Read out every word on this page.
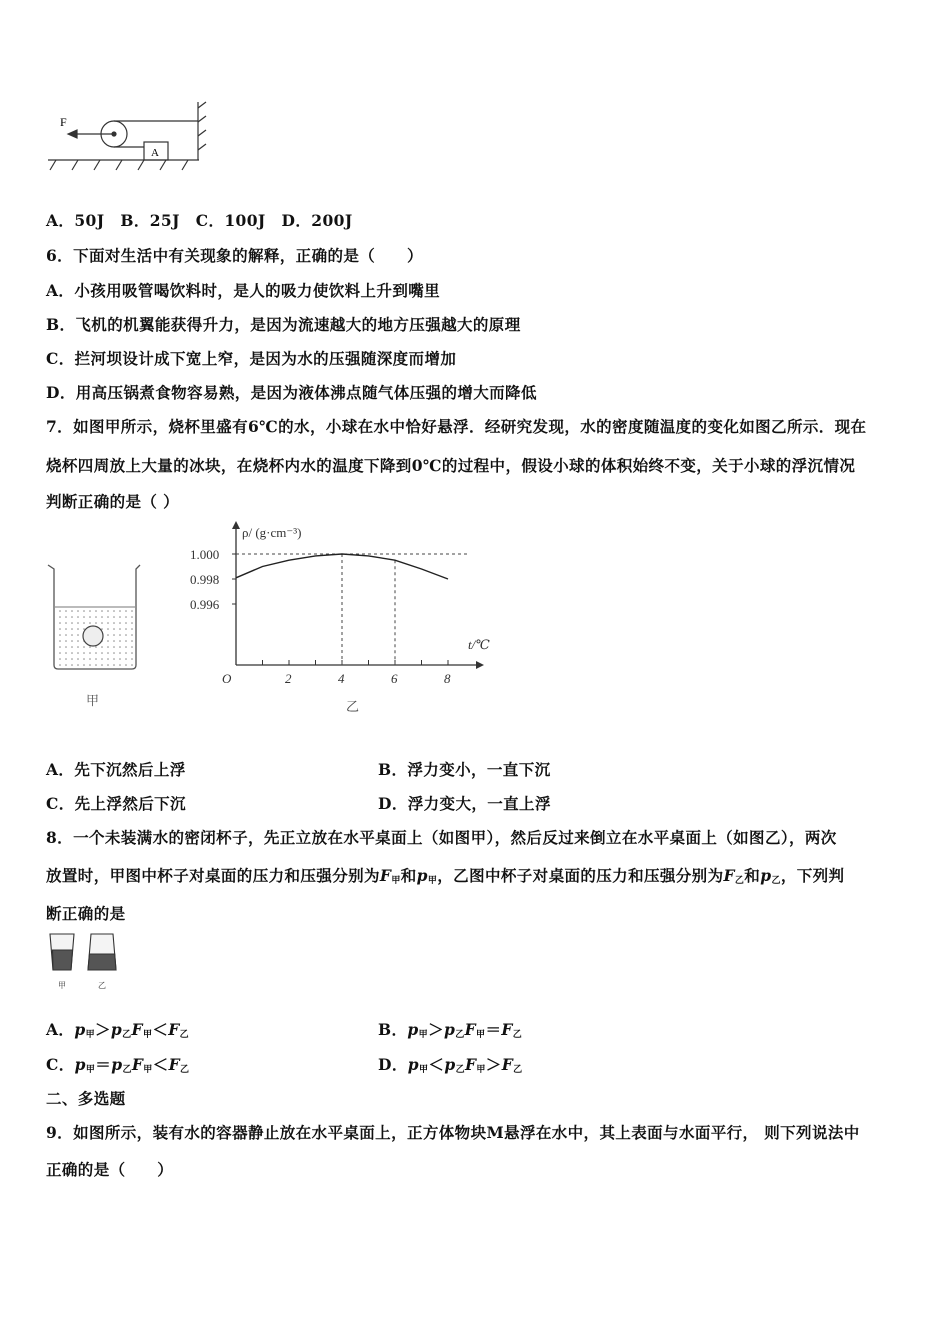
F
A
A．50J　B．25J　C．100J　D．200J
6．下面对生活中有关现象的解释，正确的是（　　）
A．小孩用吸管喝饮料时，是人的吸力使饮料上升到嘴里
B．飞机的机翼能获得升力，是因为流速越大的地方压强越大的原理
C．拦河坝设计成下宽上窄，是因为水的压强随深度而增加
D．用高压锅煮食物容易熟，是因为液体沸点随气体压强的增大而降低
7．如图甲所示，烧杯里盛有6℃的水，小球在水中恰好悬浮．经研究发现，水的密度随温度的变化如图乙所示．现在
烧杯四周放上大量的冰块，在烧杯内水的温度下降到0℃的过程中，假设小球的体积始终不变，关于小球的浮沉情况
判断正确的是（ ）
甲
1.000
0.998
0.996
2	4	6	8
O
ρ/ (g·cm⁻³)
t/℃
乙
A．先下沉然后上浮	B．浮力变小，一直下沉
C．先上浮然后下沉	D．浮力变大，一直上浮
8．一个未装满水的密闭杯子，先正立放在水平桌面上（如图甲），然后反过来倒立在水平桌面上（如图乙），两次
放置时，甲图中杯子对桌面的压力和压强分别为$F_甲$和$p_甲$，乙图中杯子对桌面的压力和压强分别为$F_乙$和$p_乙$，下列判
断正确的是
甲	乙
A．$p_甲>p_乙F_甲<F_乙$	B．$p_甲>p_乙F_甲=F_乙$
C．$p_甲=p_乙F_甲<F_乙$	D．$p_甲<p_乙F_甲>F_乙$
二、多选题
9．如图所示，装有水的容器静止放在水平桌面上，正方体物块M悬浮在水中，其上表面与水面平行， 则下列说法中
正确的是（　　）
